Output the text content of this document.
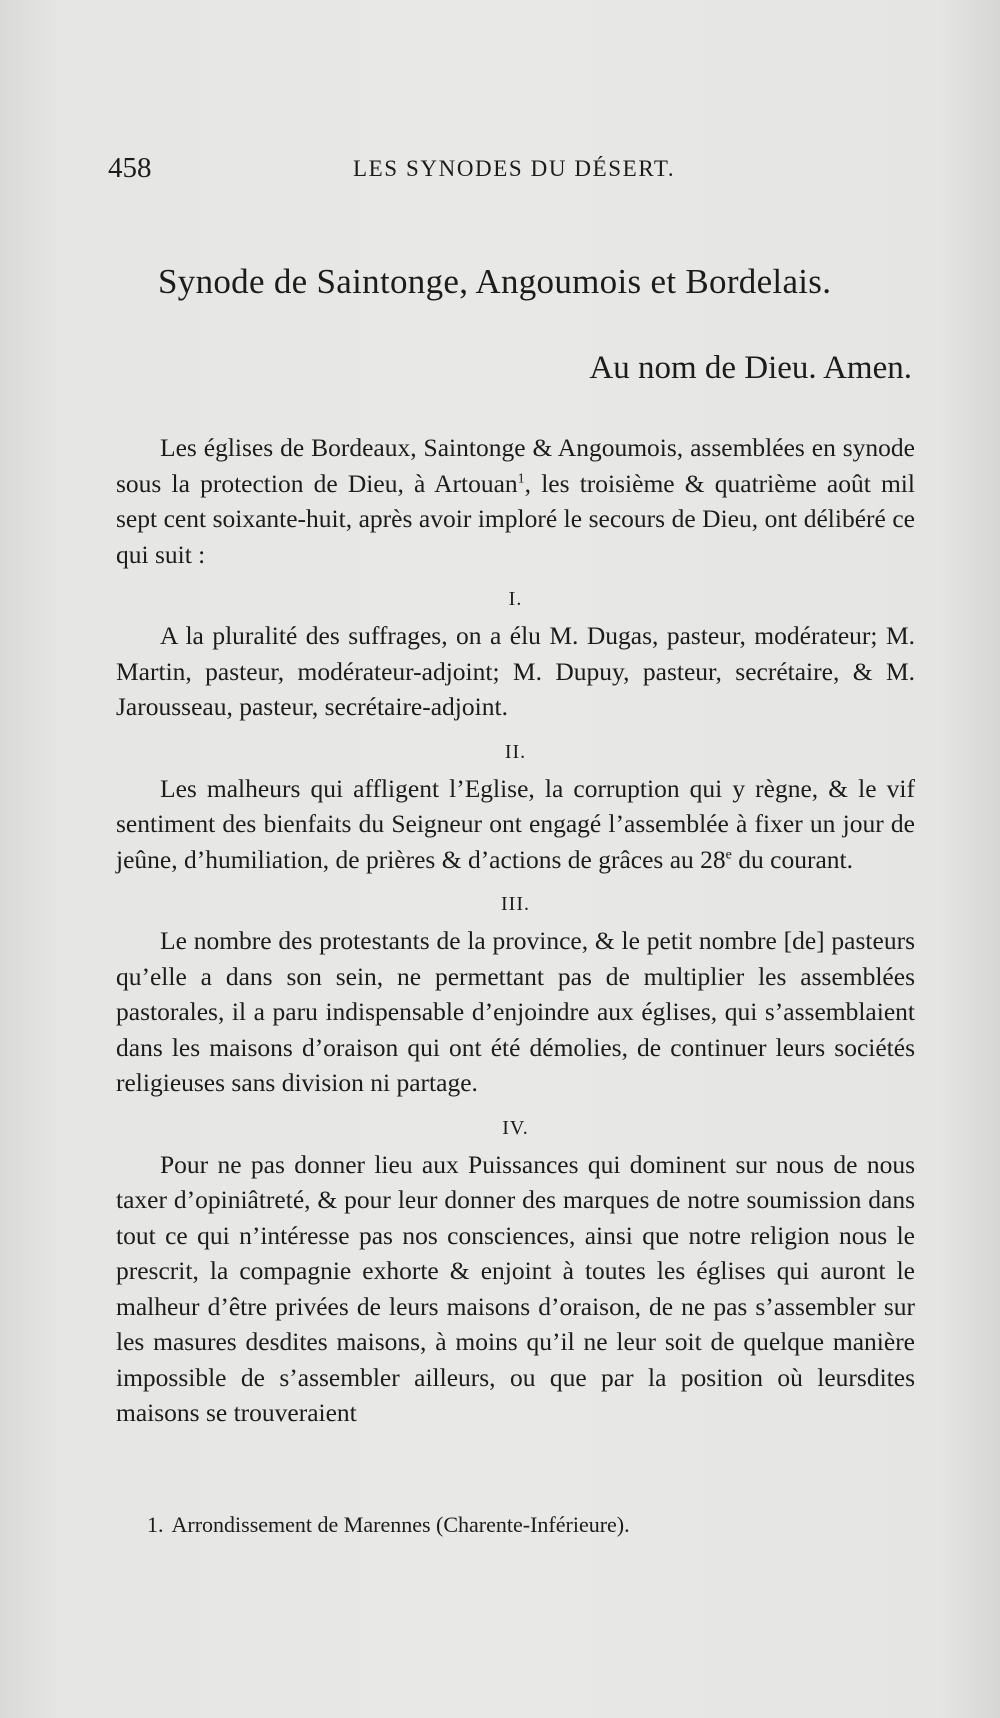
458	LES SYNODES DU DÉSERT.
Synode de Saintonge, Angoumois et Bordelais.

Au nom de Dieu. Amen.

Les églises de Bordeaux, Saintonge & Angoumois, assemblées en synode sous la protection de Dieu, à Artouan$^1$, les troisième & quatrième août mil sept cent soixante-huit, après avoir imploré le secours de Dieu, ont délibéré ce qui suit :

I.

A la pluralité des suffrages, on a élu M. Dugas, pasteur, modérateur; M. Martin, pasteur, modérateur-adjoint; M. Dupuy, pasteur, secrétaire, & M. Jarousseau, pasteur, secrétaire-adjoint.

II.

Les malheurs qui affligent l’Eglise, la corruption qui y règne, & le vif sentiment des bienfaits du Seigneur ont engagé l’assemblée à fixer un jour de jeûne, d’humiliation, de prières & d’actions de grâces au 28e du courant.

III.

Le nombre des protestants de la province, & le petit nombre [de] pasteurs qu’elle a dans son sein, ne permettant pas de multiplier les assemblées pastorales, il a paru indispensable d’enjoindre aux églises, qui s’assemblaient dans les maisons d’oraison qui ont été démolies, de continuer leurs sociétés religieuses sans division ni partage.

IV.

Pour ne pas donner lieu aux Puissances qui dominent sur nous de nous taxer d’opiniâtreté, & pour leur donner des marques de notre soumission dans tout ce qui n’intéresse pas nos consciences, ainsi que notre religion nous le prescrit, la compagnie exhorte & enjoint à toutes les églises qui auront le malheur d’être privées de leurs maisons d’oraison, de ne pas s’assembler sur les masures desdites maisons, à moins qu’il ne leur soit de quelque manière impossible de s’assembler ailleurs, ou que par la position où leursdites maisons se trouveraient

1. Arrondissement de Marennes (Charente-Inférieure).
